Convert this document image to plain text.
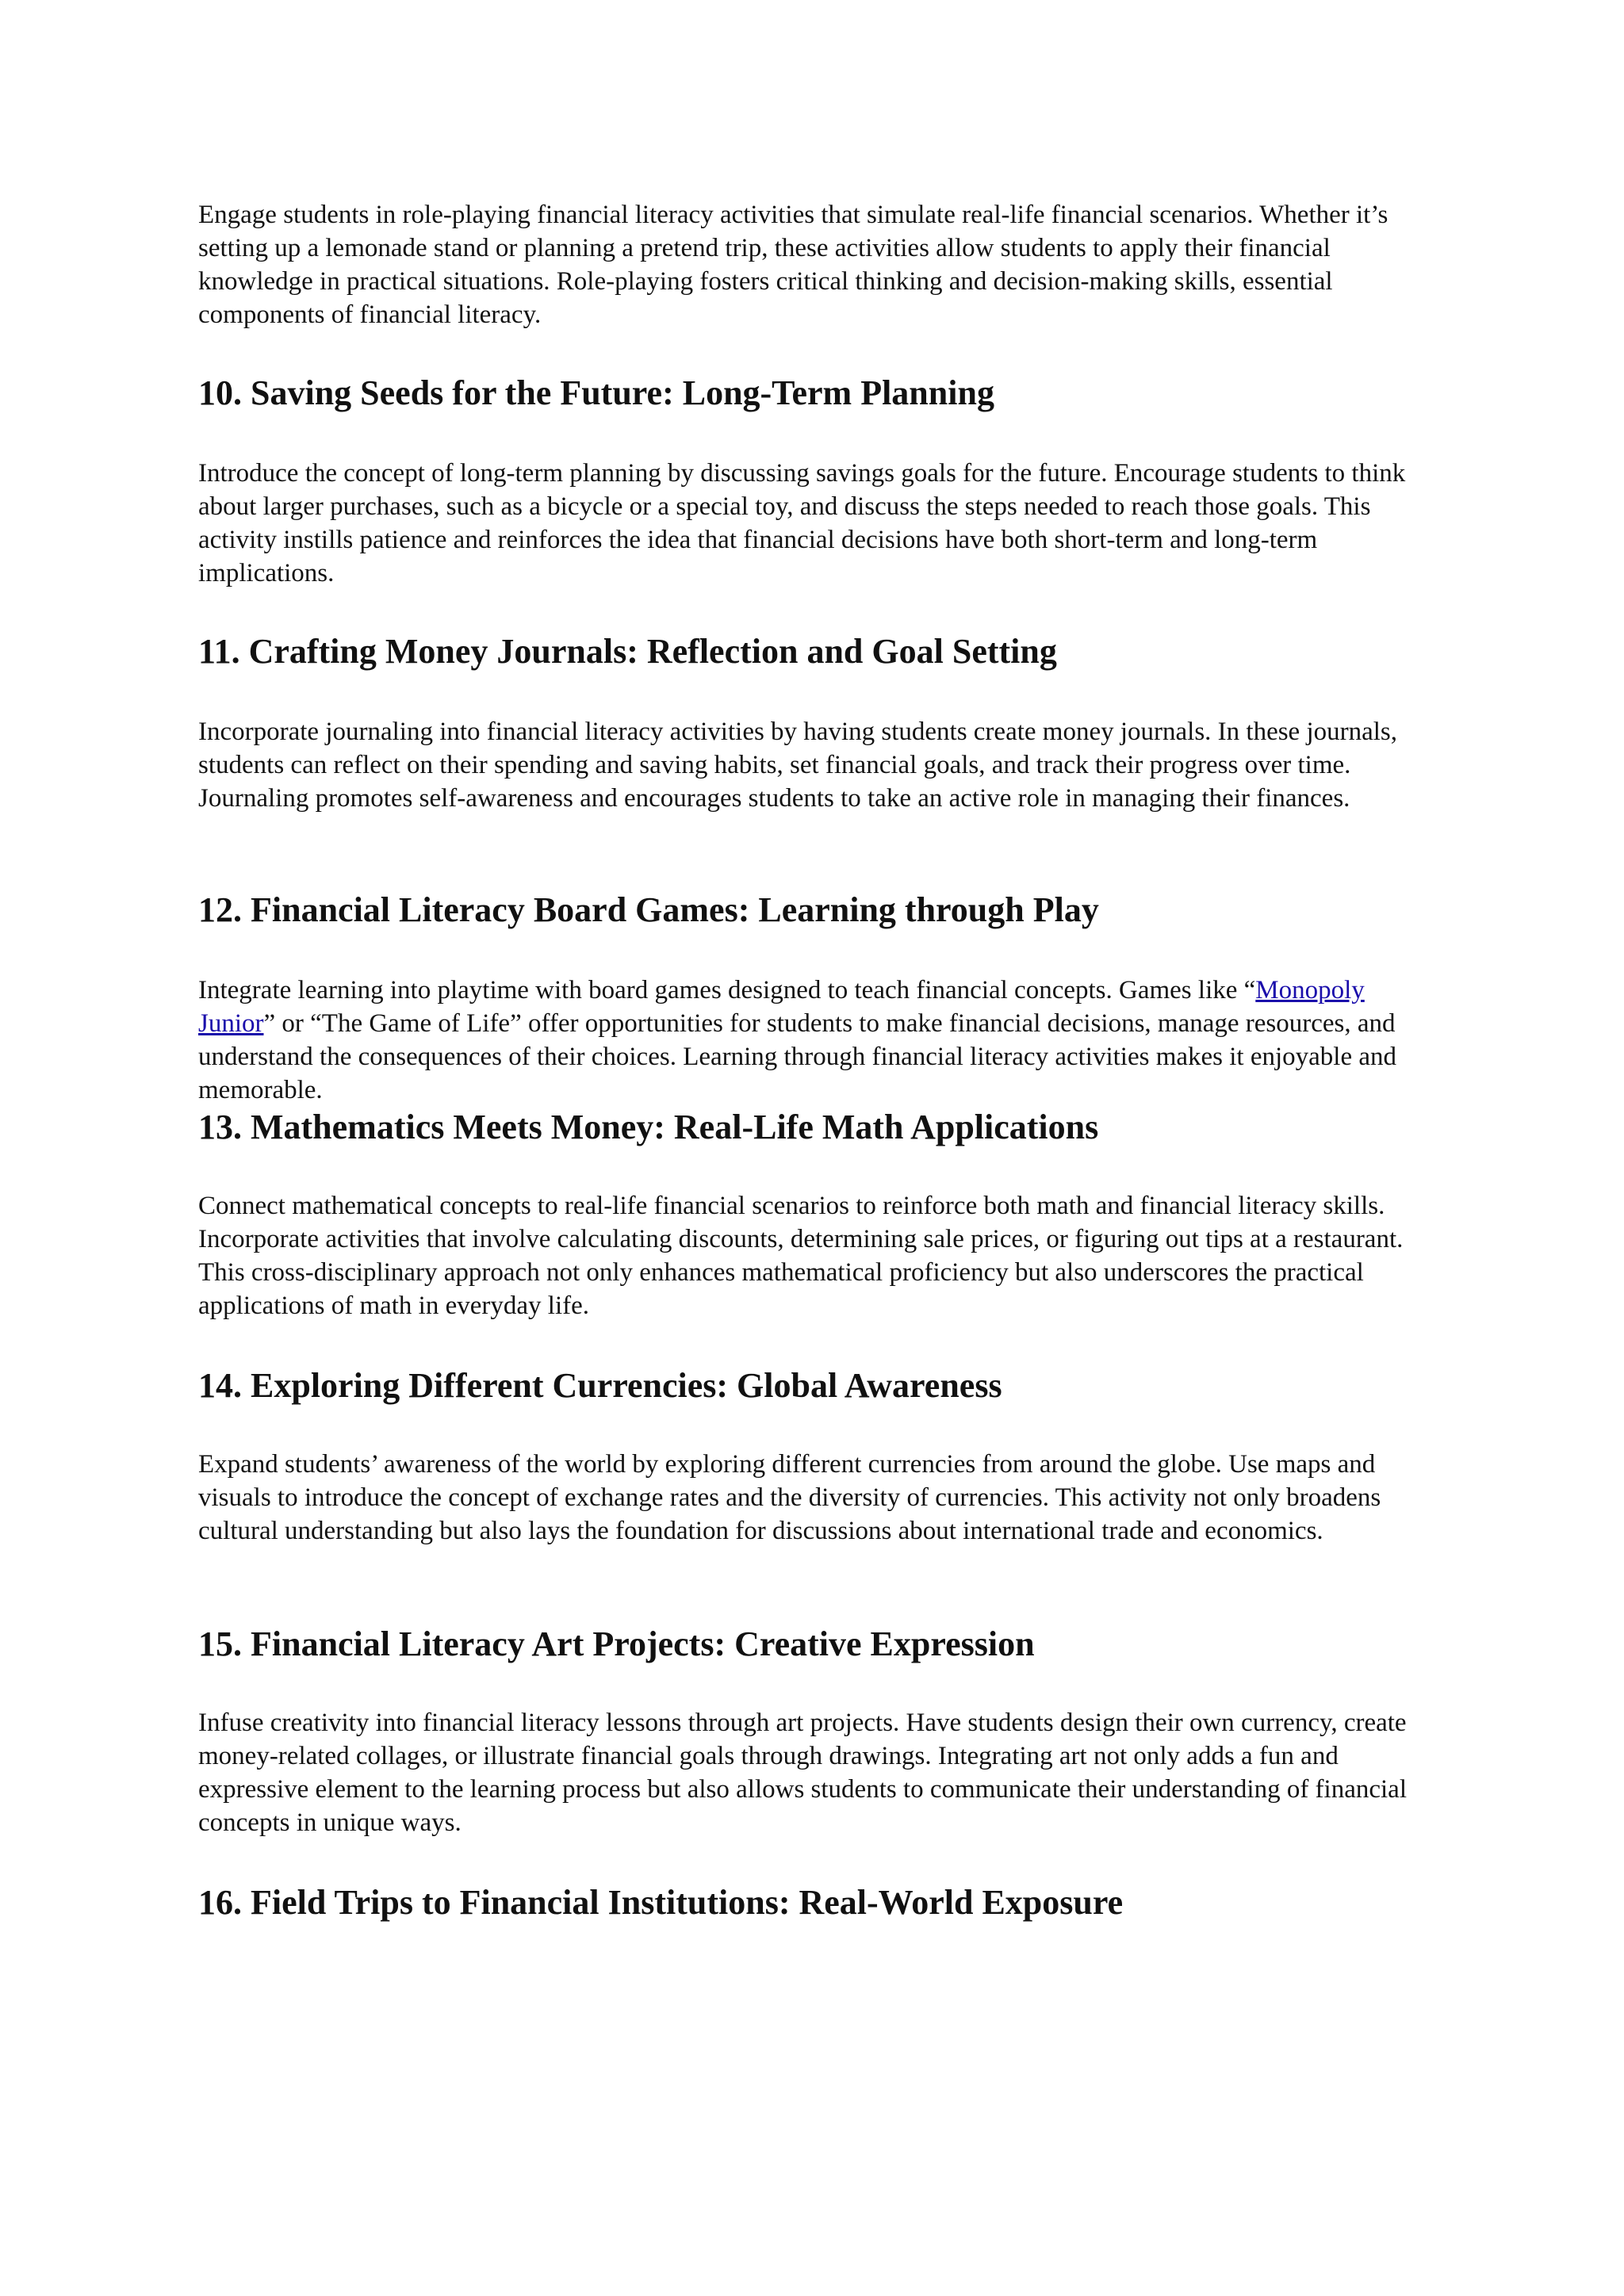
Engage students in role-playing financial literacy activities that simulate real-life financial scenarios. Whether it’s setting up a lemonade stand or planning a pretend trip, these activities allow students to apply their financial knowledge in practical situations. Role-playing fosters critical thinking and decision-making skills, essential components of financial literacy.

10. Saving Seeds for the Future: Long-Term Planning

Introduce the concept of long-term planning by discussing savings goals for the future. Encourage students to think about larger purchases, such as a bicycle or a special toy, and discuss the steps needed to reach those goals. This activity instills patience and reinforces the idea that financial decisions have both short-term and long-term implications.

11. Crafting Money Journals: Reflection and Goal Setting

Incorporate journaling into financial literacy activities by having students create money journals. In these journals, students can reflect on their spending and saving habits, set financial goals, and track their progress over time. Journaling promotes self-awareness and encourages students to take an active role in managing their finances.

12. Financial Literacy Board Games: Learning through Play

Integrate learning into playtime with board games designed to teach financial concepts. Games like “Monopoly Junior” or “The Game of Life” offer opportunities for students to make financial decisions, manage resources, and understand the consequences of their choices. Learning through financial literacy activities makes it enjoyable and memorable.

13. Mathematics Meets Money: Real-Life Math Applications

Connect mathematical concepts to real-life financial scenarios to reinforce both math and financial literacy skills. Incorporate activities that involve calculating discounts, determining sale prices, or figuring out tips at a restaurant. This cross-disciplinary approach not only enhances mathematical proficiency but also underscores the practical applications of math in everyday life.

14. Exploring Different Currencies: Global Awareness

Expand students’ awareness of the world by exploring different currencies from around the globe. Use maps and visuals to introduce the concept of exchange rates and the diversity of currencies. This activity not only broadens cultural understanding but also lays the foundation for discussions about international trade and economics.

15. Financial Literacy Art Projects: Creative Expression

Infuse creativity into financial literacy lessons through art projects. Have students design their own currency, create money-related collages, or illustrate financial goals through drawings. Integrating art not only adds a fun and expressive element to the learning process but also allows students to communicate their understanding of financial concepts in unique ways.

16. Field Trips to Financial Institutions: Real-World Exposure
